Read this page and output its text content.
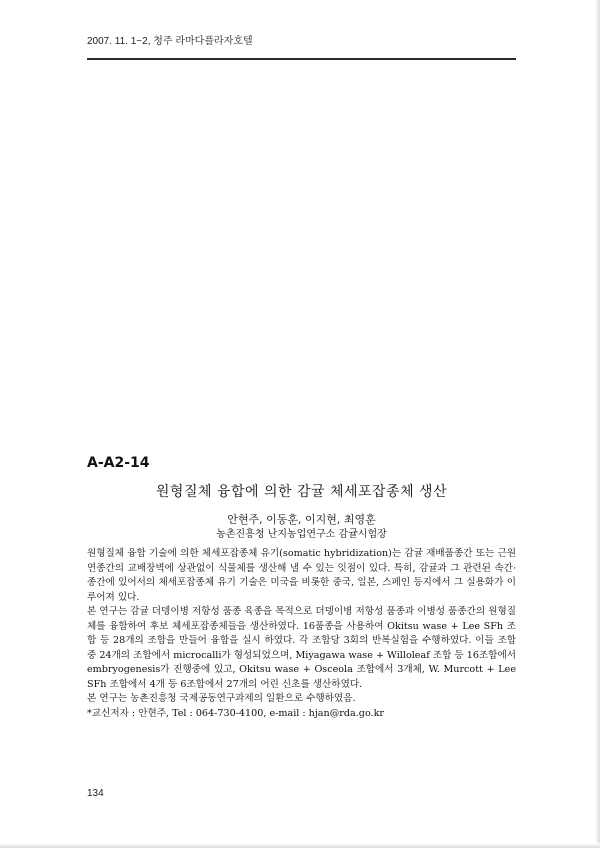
2007. 11. 1~2, 청주 라마다플라자호텔
A-A2-14
원형질체 융합에 의한 감귤 체세포잡종체 생산
안현주, 이동훈, 이지현, 최영훈
농촌진흥청 난지농업연구소 감귤시험장

원형질체 융합 기술에 의한 체세포잡종체 유기(somatic hybridization)는 감귤 재배품종간 또는 근원연종간의 교배장벽에 상관없이 식물체를 생산해 낼 수 있는 잇점이 있다. 특히, 감귤과 그 관련된 속간·종간에 있어서의 체세포잡종체 유기 기술은 미국을 비롯한 중국, 일본, 스페인 등지에서 그 실용화가 이루어져 있다.

본 연구는 감귤 더뎅이병 저항성 품종 육종을 목적으로 더뎅이병 저항성 품종과 이병성 품종간의 원형질체를 융합하여 후보 체세포잡종체들을 생산하였다. 16품종을 사용하여 Okitsu wase + Lee SFh 조합 등 28개의 조합을 만들어 융합을 실시 하였다. 각 조합당 3회의 반복실험을 수행하였다. 이들 조합 중 24개의 조합에서 microcalli가 형성되었으며, Miyagawa wase + Willoleaf 조합 등 16조합에서 embryogenesis가 진행중에 있고, Okitsu wase + Osceola 조합에서 3개체, W. Murcott + Lee SFh 조합에서 4개 등 6조합에서 27개의 어린 신초를 생산하였다.

본 연구는 농촌진흥청 국제공동연구과제의 일환으로 수행하였음.

*교신저자 : 안현주, Tel : 064-730-4100, e-mail : hjan@rda.go.kr

134
